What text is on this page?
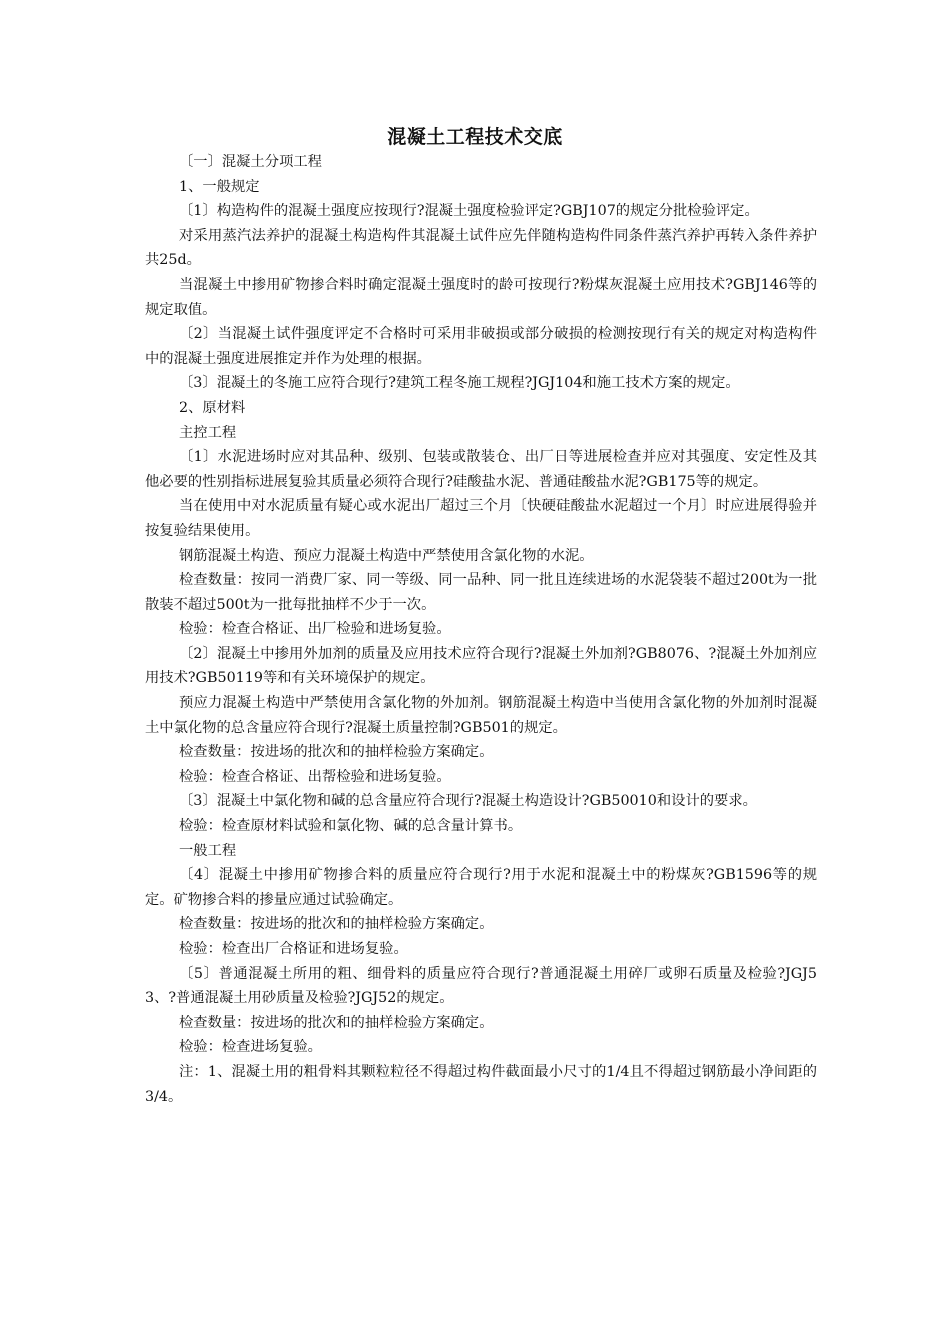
混凝土工程技术交底

〔一〕混凝土分项工程

1、一般规定

〔1〕构造构件的混凝土强度应按现行?混凝土强度检验评定?GBJ107的规定分批检验评定。

对采用蒸汽法养护的混凝土构造构件其混凝土试件应先伴随构造构件同条件蒸汽养护再转入条件养护共25d。

当混凝土中掺用矿物掺合料时确定混凝土强度时的龄可按现行?粉煤灰混凝土应用技术?GBJ146等的规定取值。

〔2〕当混凝土试件强度评定不合格时可采用非破损或部分破损的检测按现行有关的规定对构造构件中的混凝土强度进展推定并作为处理的根据。

〔3〕混凝土的冬施工应符合现行?建筑工程冬施工规程?JGJ104和施工技术方案的规定。

2、原材料

主控工程

〔1〕水泥进场时应对其品种、级别、包装或散装仓、出厂日等进展检查并应对其强度、安定性及其他必要的性别指标进展复验其质量必须符合现行?硅酸盐水泥、普通硅酸盐水泥?GB175等的规定。

当在使用中对水泥质量有疑心或水泥出厂超过三个月〔快硬硅酸盐水泥超过一个月〕时应进展得验并按复验结果使用。

钢筋混凝土构造、预应力混凝土构造中严禁使用含氯化物的水泥。

检查数量：按同一消费厂家、同一等级、同一品种、同一批且连续进场的水泥袋装不超过200t为一批散装不超过500t为一批每批抽样不少于一次。

检验：检查合格证、出厂检验和进场复验。

〔2〕混凝土中掺用外加剂的质量及应用技术应符合现行?混凝土外加剂?GB8076、?混凝土外加剂应用技术?GB50119等和有关环境保护的规定。

预应力混凝土构造中严禁使用含氯化物的外加剂。钢筋混凝土构造中当使用含氯化物的外加剂时混凝土中氯化物的总含量应符合现行?混凝土质量控制?GB501的规定。

检查数量：按进场的批次和的抽样检验方案确定。

检验：检查合格证、出帮检验和进场复验。

〔3〕混凝土中氯化物和碱的总含量应符合现行?混凝土构造设计?GB50010和设计的要求。

检验：检查原材料试验和氯化物、碱的总含量计算书。

一般工程

〔4〕混凝土中掺用矿物掺合料的质量应符合现行?用于水泥和混凝土中的粉煤灰?GB1596等的规定。矿物掺合料的掺量应通过试验确定。

检查数量：按进场的批次和的抽样检验方案确定。

检验：检查出厂合格证和进场复验。

〔5〕普通混凝土所用的粗、细骨料的质量应符合现行?普通混凝土用碎厂或卵石质量及检验?JGJ53、?普通混凝土用砂质量及检验?JGJ52的规定。

检查数量：按进场的批次和的抽样检验方案确定。

检验：检查进场复验。

注：1、混凝土用的粗骨料其颗粒粒径不得超过构件截面最小尺寸的1/4且不得超过钢筋最小净间距的3/4。
